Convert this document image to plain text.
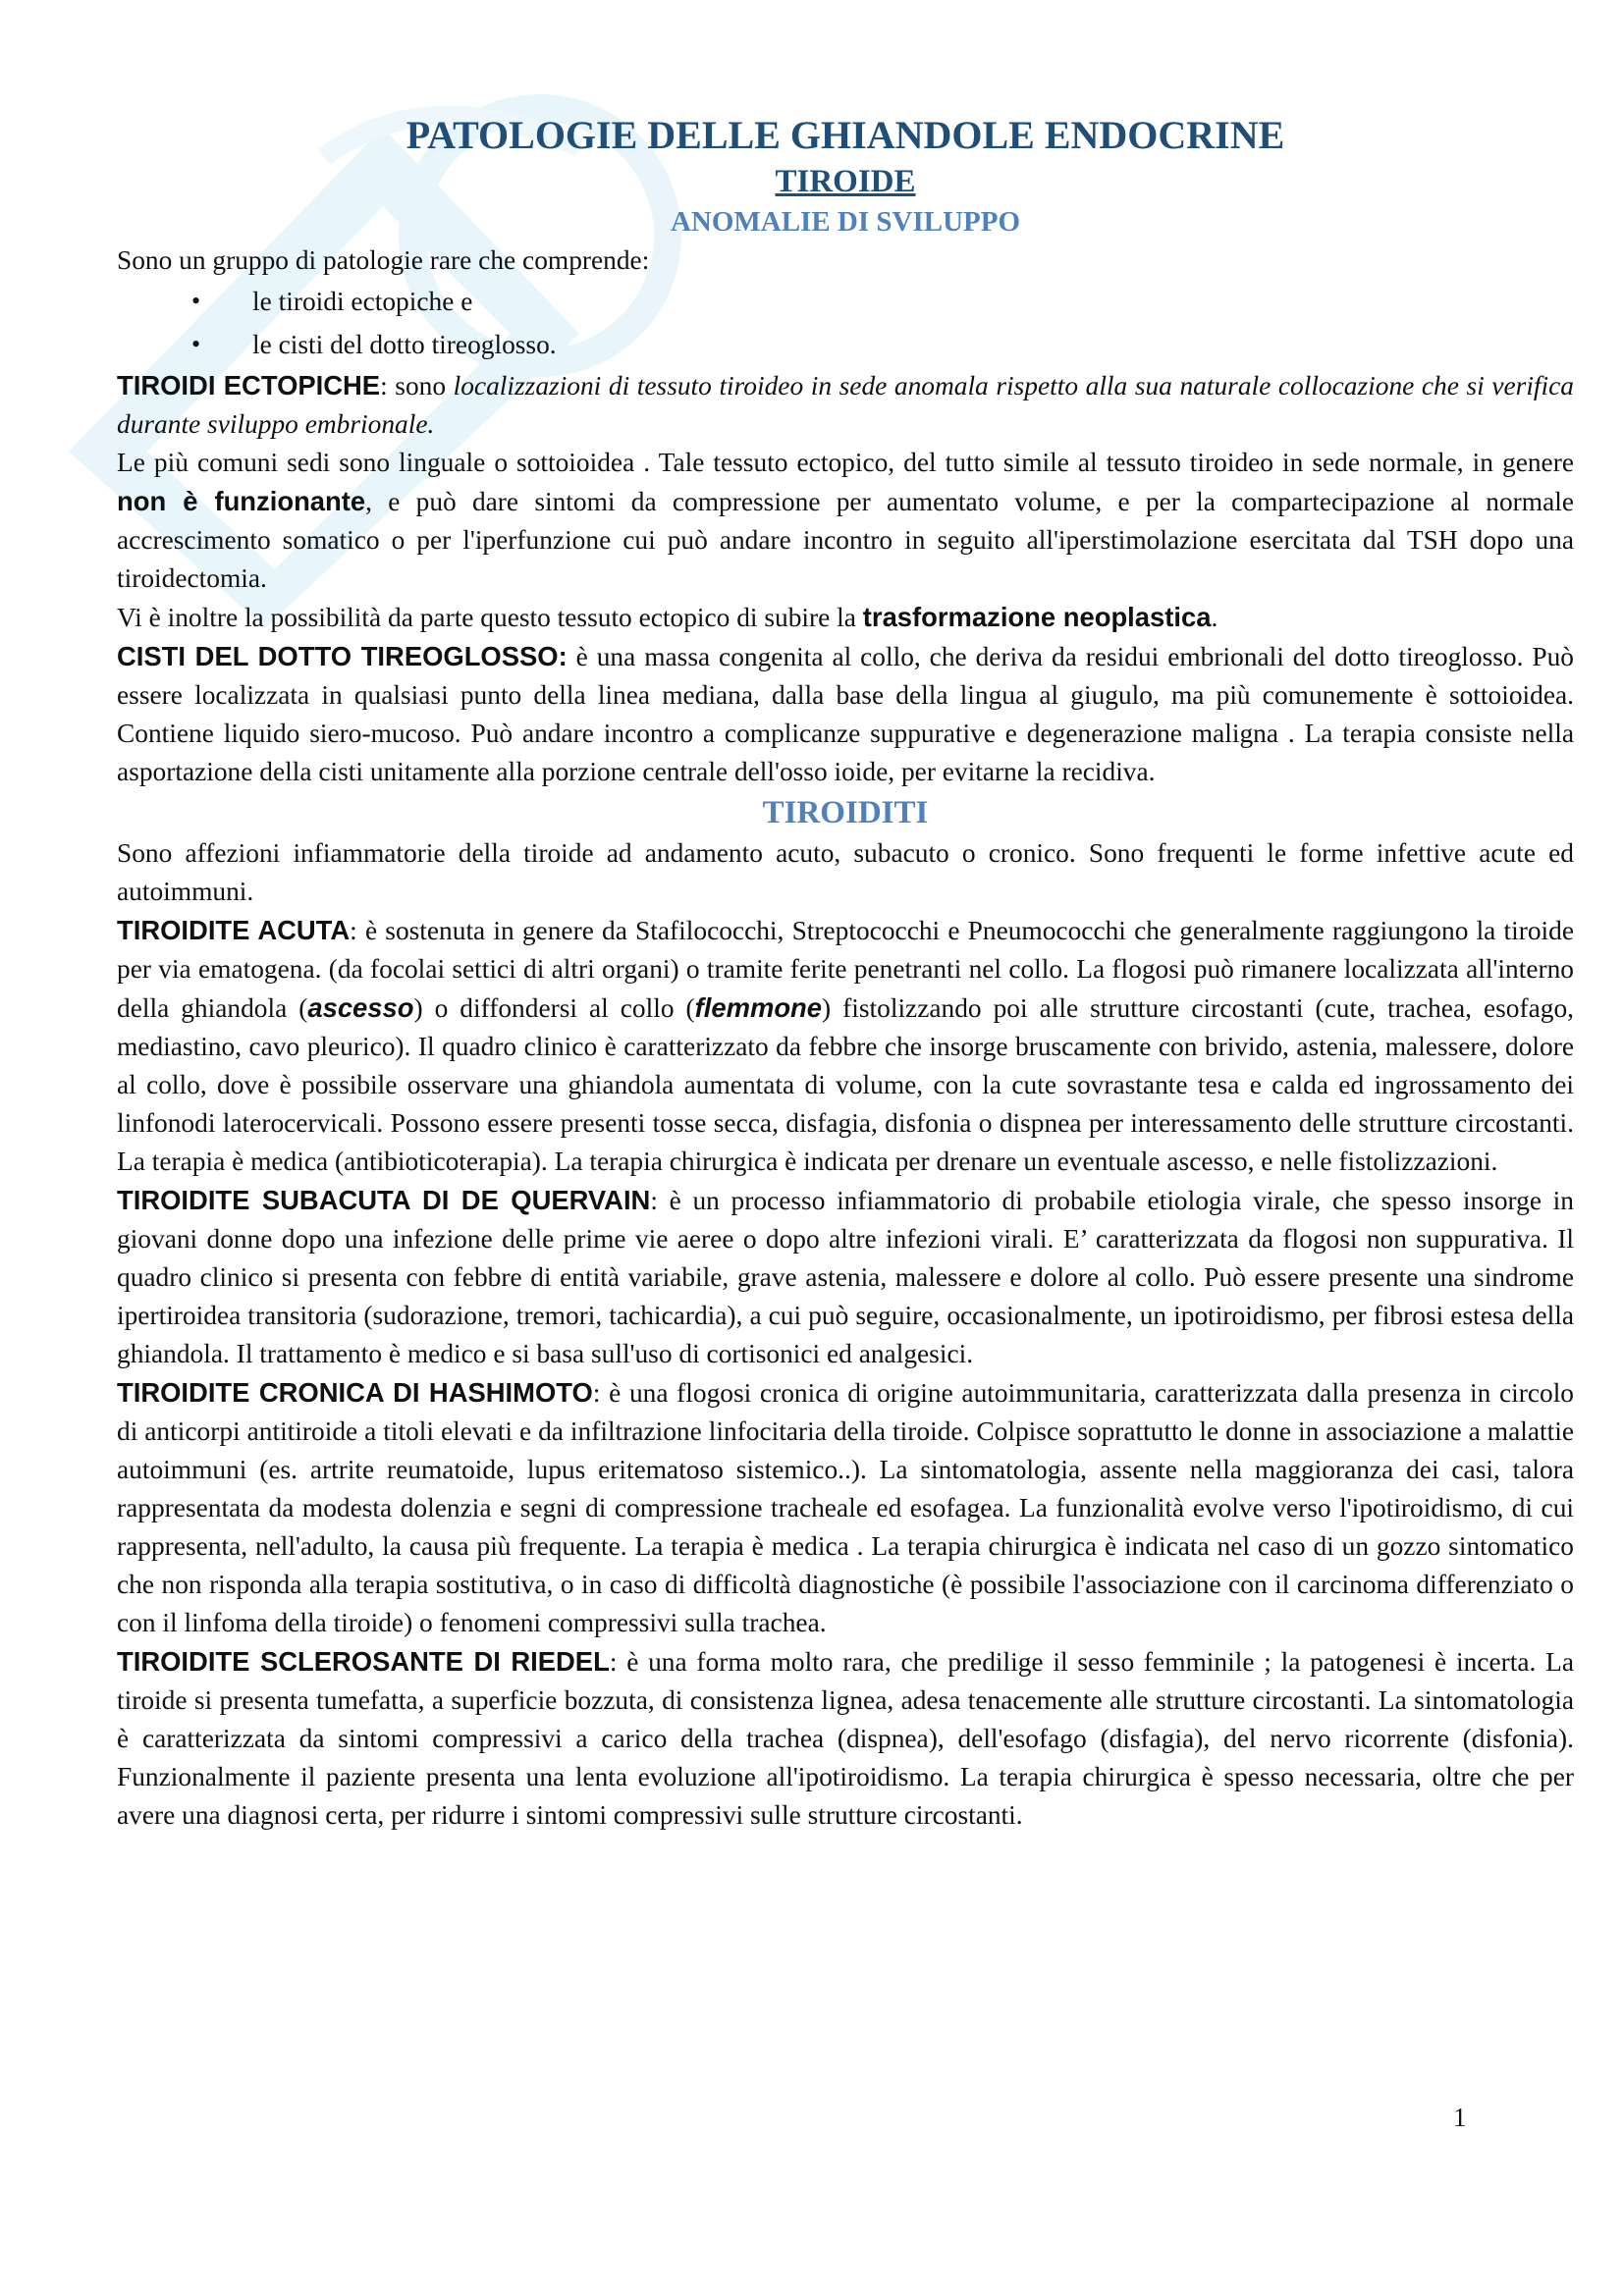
PATOLOGIE DELLE GHIANDOLE ENDOCRINE
TIROIDE
ANOMALIE DI SVILUPPO

Sono un gruppo di patologie rare che comprende:

• le tiroidi ectopiche e
• le cisti del dotto tireoglosso.

TIROIDI ECTOPICHE: sono localizzazioni di tessuto tiroideo in sede anomala rispetto alla sua naturale collocazione che si verifica durante sviluppo embrionale.

Le più comuni sedi sono linguale o sottoioidea . Tale tessuto ectopico, del tutto simile al tessuto tiroideo in sede normale, in genere non è funzionante, e può dare sintomi da compressione per aumentato volume, e per la compartecipazione al normale accrescimento somatico o per l'iperfunzione cui può andare incontro in seguito all'iperstimolazione esercitata dal TSH dopo una tiroidectomia.

Vi è inoltre la possibilità da parte questo tessuto ectopico di subire la trasformazione neoplastica.

CISTI DEL DOTTO TIREOGLOSSO: è una massa congenita al collo, che deriva da residui embrionali del dotto tireoglosso. Può essere localizzata in qualsiasi punto della linea mediana, dalla base della lingua al giugulo, ma più comunemente è sottoioidea. Contiene liquido siero-mucoso. Può andare incontro a complicanze suppurative e degenerazione maligna . La terapia consiste nella asportazione della cisti unitamente alla porzione centrale dell'osso ioide, per evitarne la recidiva.

TIROIDITI

Sono affezioni infiammatorie della tiroide ad andamento acuto, subacuto o cronico. Sono frequenti le forme infettive acute ed autoimmuni.

TIROIDITE ACUTA: è sostenuta in genere da Stafilococchi, Streptococchi e Pneumococchi che generalmente raggiungono la tiroide per via ematogena. (da focolai settici di altri organi) o tramite ferite penetranti nel collo. La flogosi può rimanere localizzata all'interno della ghiandola (ascesso) o diffondersi al collo (flemmone) fistolizzando poi alle strutture circostanti (cute, trachea, esofago, mediastino, cavo pleurico). Il quadro clinico è caratterizzato da febbre che insorge bruscamente con brivido, astenia, malessere, dolore al collo, dove è possibile osservare una ghiandola aumentata di volume, con la cute sovrastante tesa e calda ed ingrossamento dei linfonodi laterocervicali. Possono essere presenti tosse secca, disfagia, disfonia o dispnea per interessamento delle strutture circostanti. La terapia è medica (antibioticoterapia). La terapia chirurgica è indicata per drenare un eventuale ascesso, e nelle fistolizzazioni.

TIROIDITE SUBACUTA DI DE QUERVAIN: è un processo infiammatorio di probabile etiologia virale, che spesso insorge in giovani donne dopo una infezione delle prime vie aeree o dopo altre infezioni virali. E’ caratterizzata da flogosi non suppurativa. Il quadro clinico si presenta con febbre di entità variabile, grave astenia, malessere e dolore al collo. Può essere presente una sindrome ipertiroidea transitoria (sudorazione, tremori, tachicardia), a cui può seguire, occasionalmente, un ipotiroidismo, per fibrosi estesa della ghiandola. Il trattamento è medico e si basa sull'uso di cortisonici ed analgesici.

TIROIDITE CRONICA DI HASHIMOTO: è una flogosi cronica di origine autoimmunitaria, caratterizzata dalla presenza in circolo di anticorpi antitiroide a titoli elevati e da infiltrazione linfocitaria della tiroide. Colpisce soprattutto le donne in associazione a malattie autoimmuni (es. artrite reumatoide, lupus eritematoso sistemico..). La sintomatologia, assente nella maggioranza dei casi, talora rappresentata da modesta dolenzia e segni di compressione tracheale ed esofagea. La funzionalità evolve verso l'ipotiroidismo, di cui rappresenta, nell'adulto, la causa più frequente. La terapia è medica . La terapia chirurgica è indicata nel caso di un gozzo sintomatico che non risponda alla terapia sostitutiva, o in caso di difficoltà diagnostiche (è possibile l'associazione con il carcinoma differenziato o con il linfoma della tiroide) o fenomeni compressivi sulla trachea.

TIROIDITE SCLEROSANTE DI RIEDEL: è una forma molto rara, che predilige il sesso femminile ; la patogenesi è incerta. La tiroide si presenta tumefatta, a superficie bozzuta, di consistenza lignea, adesa tenacemente alle strutture circostanti. La sintomatologia è caratterizzata da sintomi compressivi a carico della trachea (dispnea), dell'esofago (disfagia), del nervo ricorrente (disfonia). Funzionalmente il paziente presenta una lenta evoluzione all'ipotiroidismo. La terapia chirurgica è spesso necessaria, oltre che per avere una diagnosi certa, per ridurre i sintomi compressivi sulle strutture circostanti.

1
